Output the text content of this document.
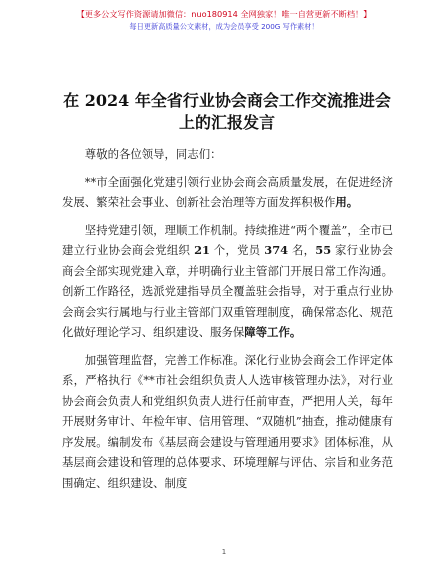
【更多公文写作资源请加微信：nuo180914 全网独家！唯一自营更新不断档！】
每日更新高质量公文素材，成为会员享受 200G 写作素材！
在 2024 年全省行业协会商会工作交流推进会上的汇报发言

尊敬的各位领导，同志们：

**市全面强化党建引领行业协会商会高质量发展，在促进经济发展、繁荣社会事业、创新社会治理等方面发挥积极作用。

坚持党建引领，理顺工作机制。持续推进“两个覆盖”，全市已建立行业协会商会党组织 21 个，党员 374 名，55 家行业协会商会全部实现党建入章，并明确行业主管部门开展日常工作沟通。创新工作路径，选派党建指导员全覆盖驻会指导，对于重点行业协会商会实行属地与行业主管部门双重管理制度，确保常态化、规范化做好理论学习、组织建设、服务保障等工作。

加强管理监督，完善工作标准。深化行业协会商会工作评定体系，严格执行《**市社会组织负责人人选审核管理办法》，对行业协会商会负责人和党组织负责人进行任前审查，严把用人关，每年开展财务审计、年检年审、信用管理、“双随机”抽查，推动健康有序发展。编制发布《基层商会建设与管理通用要求》团体标准，从基层商会建设和管理的总体要求、环境理解与评估、宗旨和业务范围确定、组织建设、制度

1
